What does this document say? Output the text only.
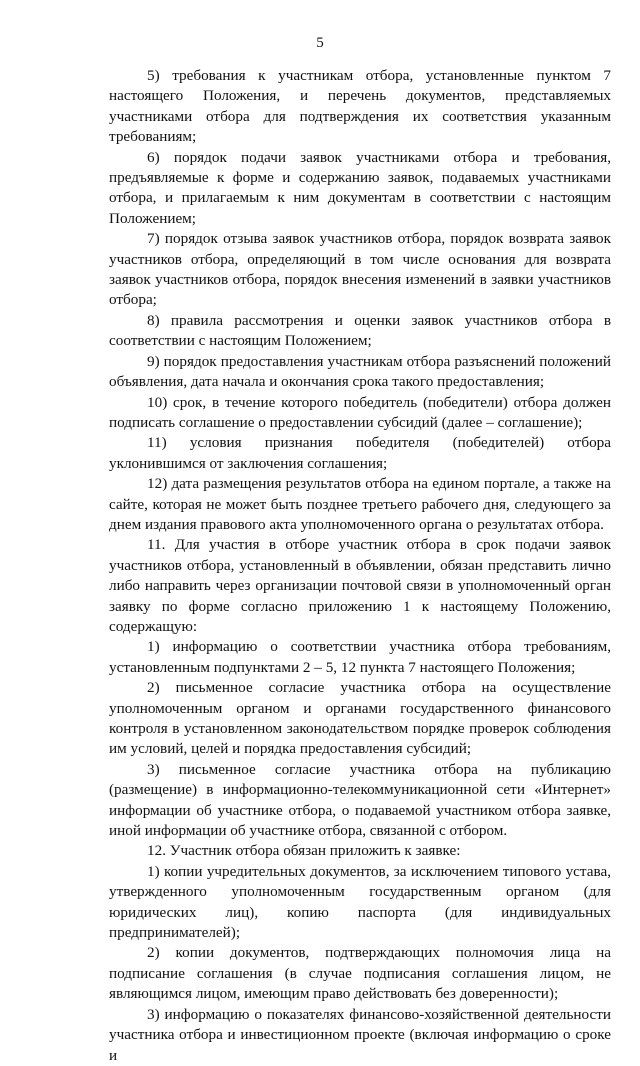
5

5) требования к участникам отбора, установленные пунктом 7 настоящего Положения, и перечень документов, представляемых участниками отбора для подтверждения их соответствия указанным требованиям;

6) порядок подачи заявок участниками отбора и требования, предъявляемые к форме и содержанию заявок, подаваемых участниками отбора, и прилагаемым к ним документам в соответствии с настоящим Положением;

7) порядок отзыва заявок участников отбора, порядок возврата заявок участников отбора, определяющий в том числе основания для возврата заявок участников отбора, порядок внесения изменений в заявки участников отбора;

8) правила рассмотрения и оценки заявок участников отбора в соответствии с настоящим Положением;

9) порядок предоставления участникам отбора разъяснений положений объявления, дата начала и окончания срока такого предоставления;

10) срок, в течение которого победитель (победители) отбора должен подписать соглашение о предоставлении субсидий (далее – соглашение);

11) условия признания победителя (победителей) отбора уклонившимся от заключения соглашения;

12) дата размещения результатов отбора на едином портале, а также на сайте, которая не может быть позднее третьего рабочего дня, следующего за днем издания правового акта уполномоченного органа о результатах отбора.

11. Для участия в отборе участник отбора в срок подачи заявок участников отбора, установленный в объявлении, обязан представить лично либо направить через организации почтовой связи в уполномоченный орган заявку по форме согласно приложению 1 к настоящему Положению, содержащую:

1) информацию о соответствии участника отбора требованиям, установленным подпунктами 2 – 5, 12 пункта 7 настоящего Положения;

2) письменное согласие участника отбора на осуществление уполномоченным органом и органами государственного финансового контроля в установленном законодательством порядке проверок соблюдения им условий, целей и порядка предоставления субсидий;

3) письменное согласие участника отбора на публикацию (размещение) в информационно-телекоммуникационной сети «Интернет» информации об участнике отбора, о подаваемой участником отбора заявке, иной информации об участнике отбора, связанной с отбором.

12. Участник отбора обязан приложить к заявке:

1) копии учредительных документов, за исключением типового устава, утвержденного уполномоченным государственным органом (для юридических лиц), копию паспорта (для индивидуальных предпринимателей);

2) копии документов, подтверждающих полномочия лица на подписание соглашения (в случае подписания соглашения лицом, не являющимся лицом, имеющим право действовать без доверенности);

3) информацию о показателях финансово-хозяйственной деятельности участника отбора и инвестиционном проекте (включая информацию о сроке и
